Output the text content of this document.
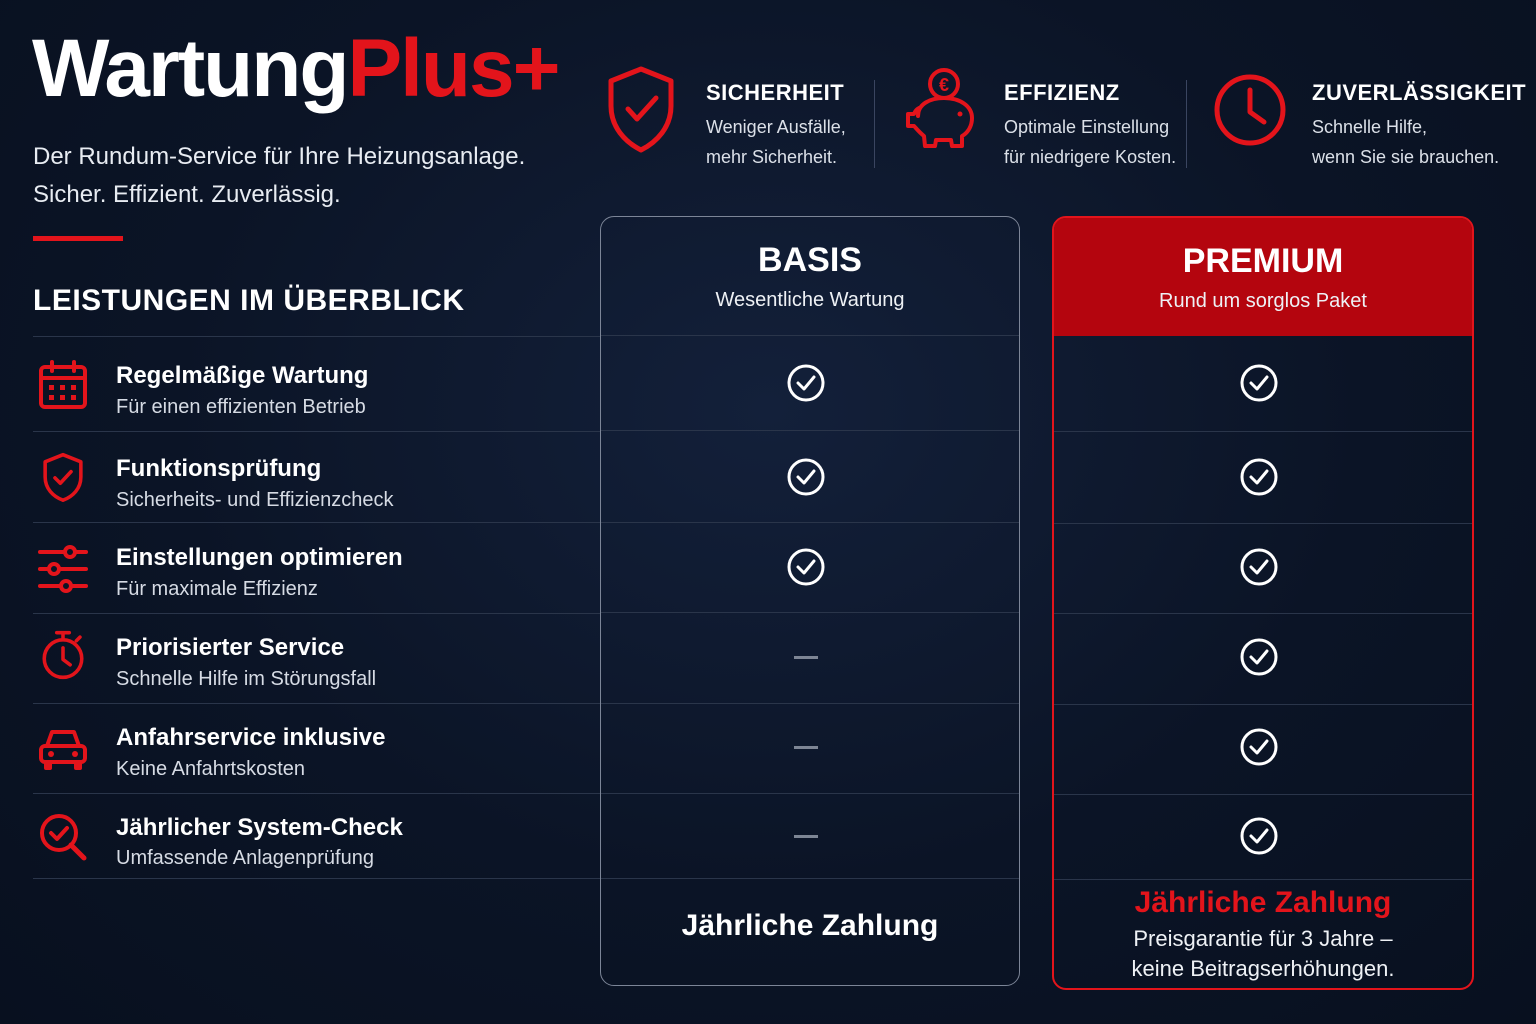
WartungPlus+
Der Rundum-Service für Ihre Heizungsanlage.
Sicher. Effizient. Zuverlässig.
LEISTUNGEN IM ÜBERBLICK
SICHERHEIT
Weniger Ausfälle,
mehr Sicherheit.
€ EFFIZIENZ
Optimale Einstellung
für niedrigere Kosten.
ZUVERLÄSSIGKEIT
Schnelle Hilfe,
wenn Sie sie brauchen.
Regelmäßige Wartung
Für einen effizienten Betrieb
Funktionsprüfung
Sicherheits- und Effizienzcheck
Einstellungen optimieren
Für maximale Effizienz
Priorisierter Service
Schnelle Hilfe im Störungsfall
Anfahrservice inklusive
Keine Anfahrtskosten
Jährlicher System-Check
Umfassende Anlagenprüfung
BASIS
Wesentliche Wartung
Jährliche Zahlung
PREMIUM
Rund um sorglos Paket
Jährliche Zahlung
Preisgarantie für 3 Jahre –
keine Beitragserhöhungen.
